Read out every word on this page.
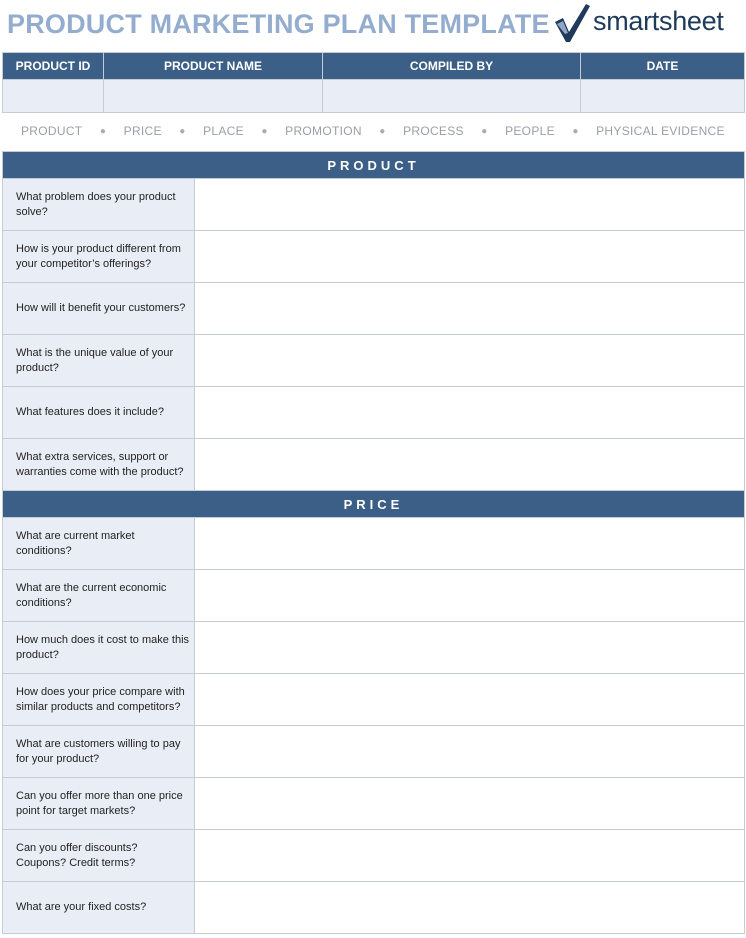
PRODUCT MARKETING PLAN TEMPLATE smartsheet
PRODUCT ID	PRODUCT NAME	COMPILED BY	DATE

PRODUCT ● PRICE ● PLACE ● PROMOTION ● PROCESS ● PEOPLE ● PHYSICAL EVIDENCE
PRODUCT	
What problem does your product solve?	
How is your product different from your competitor’s offerings?	
How will it benefit your customers?	
What is the unique value of your product?	
What features does it include?	
What extra services, support or warranties come with the product?	
PRICE	
What are current market conditions?	
What are the current economic conditions?	
How much does it cost to make this product?	
How does your price compare with similar products and competitors?	
What are customers willing to pay for your product?	
Can you offer more than one price point for target markets?	
Can you offer discounts? Coupons? Credit terms?	
What are your fixed costs?	
